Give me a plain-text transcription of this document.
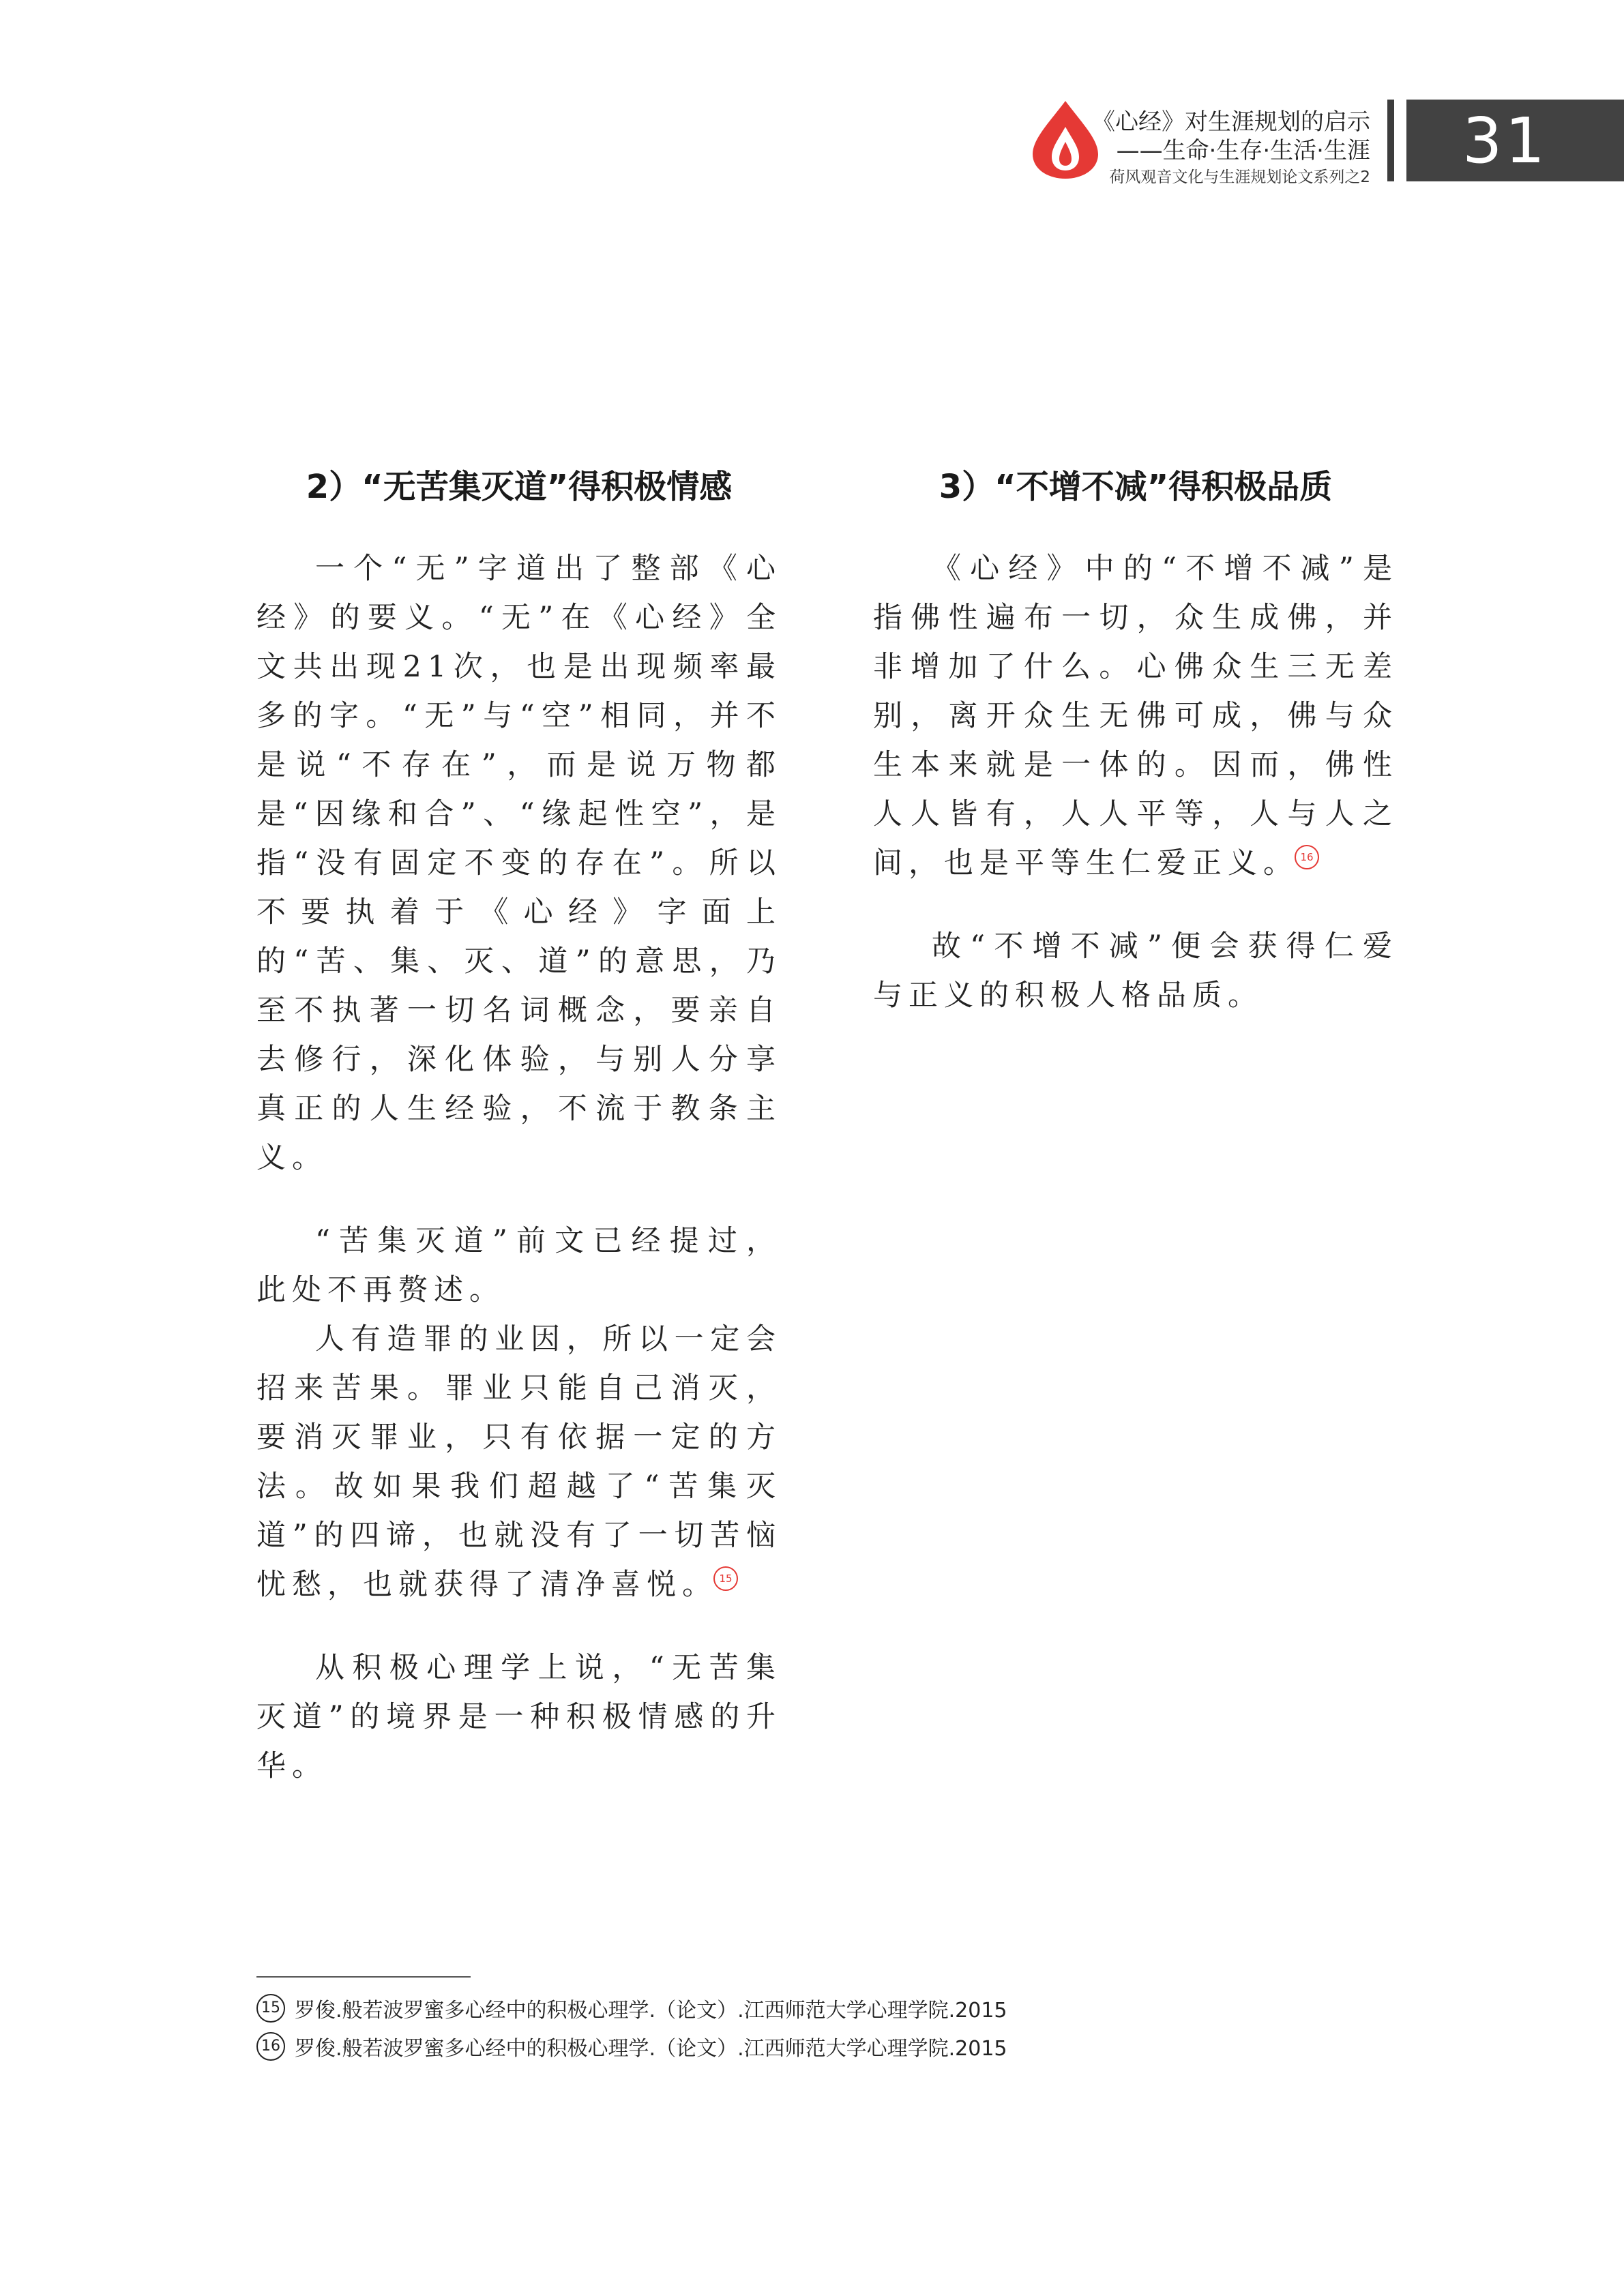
《心经》对生涯规划的启示
——生命·生存·生活·生涯
荷风观音文化与生涯规划论文系列之2
31
2）“无苦集灭道”得积极情感

一个“无”字道出了整部《心经》的要义。“无”在《心经》全文共出现21次，也是出现频率最多的字。“无”与“空”相同，并不是说“不存在”，而是说万物都是“因缘和合”、“缘起性空”，是指“没有固定不变的存在”。所以不要执着于《心经》字面上的“苦、集、灭、道”的意思，乃至不执著一切名词概念，要亲自去修行，深化体验，与别人分享真正的人生经验，不流于教条主义。

“苦集灭道”前文已经提过，此处不再赘述。

人有造罪的业因，所以一定会招来苦果。罪业只能自己消灭，要消灭罪业，只有依据一定的方法。故如果我们超越了“苦集灭道”的四谛，也就没有了一切苦恼忧愁，也就获得了清净喜悦。 15

从积极心理学上说，“无苦集灭道”的境界是一种积极情感的升华。

3）“不增不减”得积极品质

《心经》中的“不增不减”是指佛性遍布一切，众生成佛，并非增加了什么。心佛众生三无差别，离开众生无佛可成，佛与众生本来就是一体的。因而，佛性人人皆有，人人平等，人与人之间，也是平等生仁爱正义。 16

故“不增不减”便会获得仁爱与正义的积极人格品质。

15 罗俊.般若波罗蜜多心经中的积极心理学.（论文）.江西师范大学心理学院.2015
16 罗俊.般若波罗蜜多心经中的积极心理学.（论文）.江西师范大学心理学院.2015
